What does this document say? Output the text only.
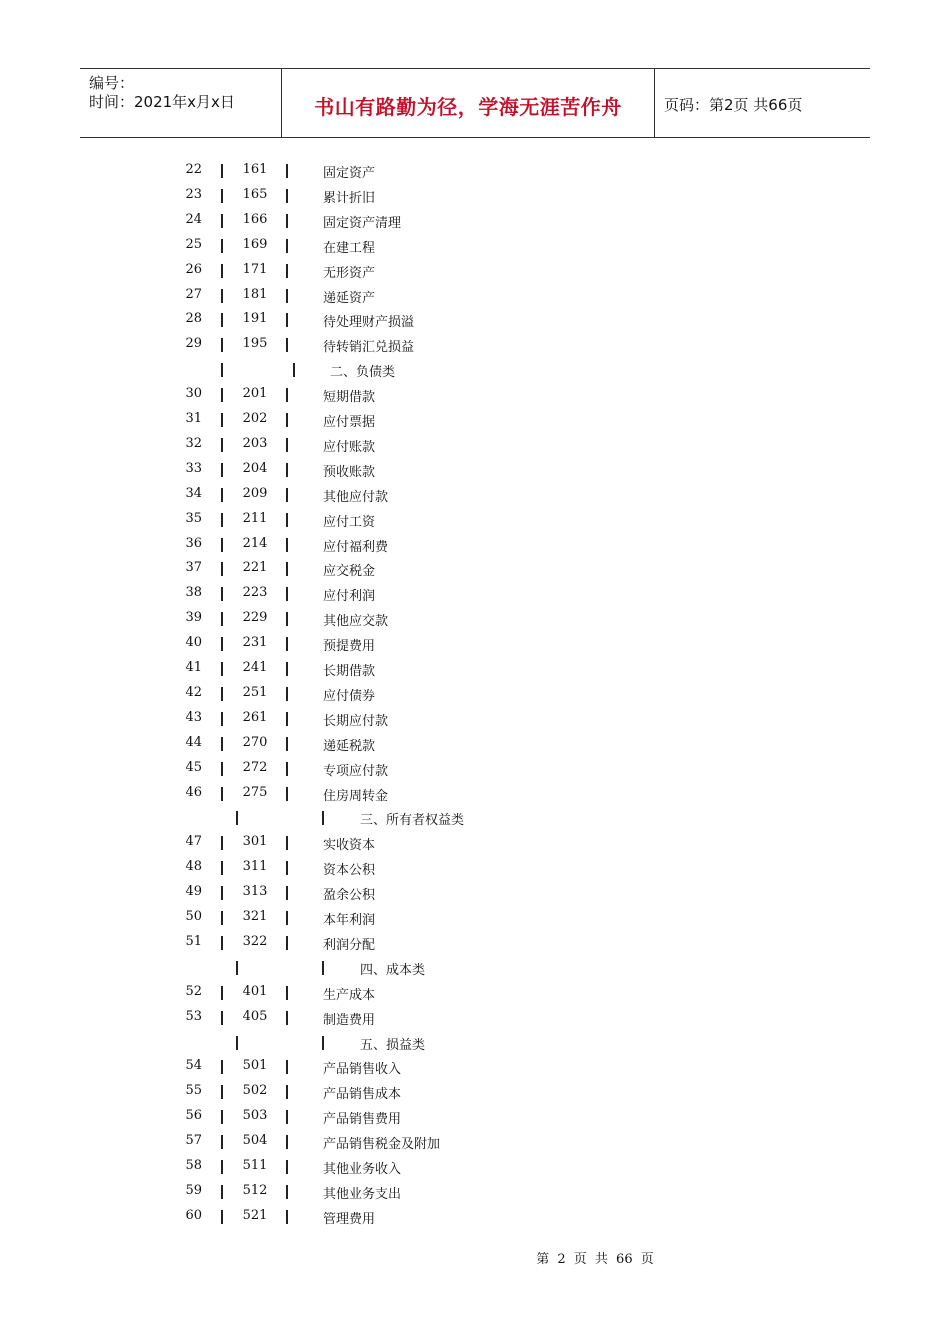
编号：
时间：2021年x月x日	书山有路勤为径，学海无涯苦作舟	页码：第2页 共66页
22	161	固定资产
23	165	累计折旧
24	166	固定资产清理
25	169	在建工程
26	171	无形资产
27	181	递延资产
28	191	待处理财产损溢
29	195	待转销汇兑损益
二、负债类
30	201	短期借款
31	202	应付票据
32	203	应付账款
33	204	预收账款
34	209	其他应付款
35	211	应付工资
36	214	应付福利费
37	221	应交税金
38	223	应付利润
39	229	其他应交款
40	231	预提费用
41	241	长期借款
42	251	应付债券
43	261	长期应付款
44	270	递延税款
45	272	专项应付款
46	275	住房周转金
三、所有者权益类
47	301	实收资本
48	311	资本公积
49	313	盈余公积
50	321	本年利润
51	322	利润分配
四、成本类
52	401	生产成本
53	405	制造费用
五、损益类
54	501	产品销售收入
55	502	产品销售成本
56	503	产品销售费用
57	504	产品销售税金及附加
58	511	其他业务收入
59	512	其他业务支出
60	521	管理费用
第 2 页 共 66 页
